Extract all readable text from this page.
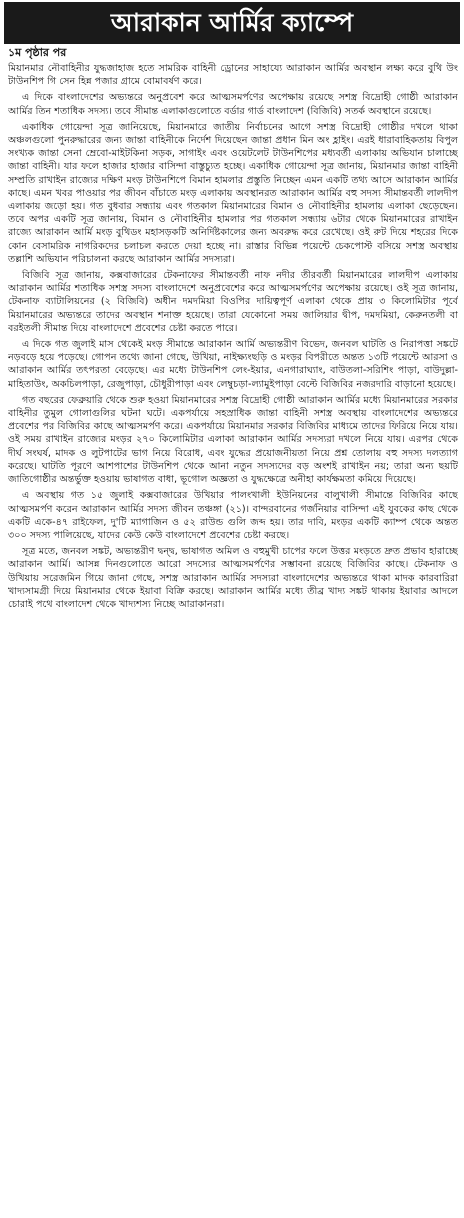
আরাকান আর্মির ক্যাম্পে
১ম পৃষ্ঠার পর

মিয়ানমার নৌবাহিনীর যুদ্ধজাহাজ হতে সামরিক বাহিনী ড্রোনের সাহায্যে আরাকান আর্মির অবস্থান লক্ষ্য করে বুথি উং টাউনশিপ গি সেন হিন্ন পজার গ্রামে বোমাবর্ষণ করে।

এ দিকে বাংলাদেশের অভ্যন্তরে অনুপ্রবেশ করে আত্মসমর্পণের অপেক্ষায় রয়েছে সশস্ত্র বিদ্রোহী গোষ্ঠী আরাকান আর্মির তিন শতাধিক সদস্য। তবে সীমান্ত এলাকাগুলোতে বর্ডার গার্ড বাংলাদেশ (বিজিবি) সতর্ক অবস্থানে রয়েছে।

একাধিক গোয়েন্দা সূত্র জানিয়েছে, মিয়ানমারে জাতীয় নির্বাচনের আগে সশস্ত্র বিদ্রোহী গোষ্ঠীর দখলে থাকা অঞ্চলগুলো পুনরুদ্ধারের জন্য জান্তা বাহিনীকে নির্দেশ দিয়েছেন জান্তা প্রধান মিন অং হ্লাইং। এরই ধারাবাহিকতায় বিপুল সংখ্যক জান্তা সেনা ম্রেবো-মাইটকিনা সড়ক, সাগাইং এবং ওয়েটলেট টাউনশিপের মধ্যবর্তী এলাকায় অভিযান চালাচ্ছে জান্তা বাহিনী। যার ফলে হাজার হাজার বাসিন্দা বাস্তুচ্যুত হচ্ছে। একাধিক গোয়েন্দা সূত্র জানায়, মিয়ানমার জান্তা বাহিনী সম্প্রতি রাখাইন রাজ্যের দক্ষিণ মংড় টাউনশিপে বিমান হামলার প্রস্তুতি নিচ্ছেন এমন একটি তথ্য আসে আরাকান আর্মির কাছে। এমন খবর পাওয়ার পর জীবন বাঁচাতে মংড় এলাকায় অবস্থানরত আরাকান আর্মির বহু সদস্য সীমান্তবর্তী লালদীপ এলাকায় জড়ো হয়। গত বুধবার সন্ধ্যায় এবং গতকাল মিয়ানমারের বিমান ও নৌবাহিনীর হামলায় এলাকা ছেড়েছেন। তবে অপর একটি সূত্র জানায়, বিমান ও নৌবাহিনীর হামলার পর গতকাল সন্ধ্যায় ৬টার থেকে মিয়ানমারের রাখাইন রাজ্যে আরাকান আর্মি মংড় বুথিডং মহাসড়কটি অনির্দিষ্টকালের জন্য অবরুদ্ধ করে রেখেছে। ওই রুট দিয়ে শহরের দিকে কোন বেসামরিক নাগরিকদের চলাচল করতে দেয়া হচ্ছে না। রাস্তার বিভিন্ন পয়েন্টে চেকপোস্ট বসিয়ে সশস্ত্র অবস্থায় তল্লাশি অভিযান পরিচালনা করছে আরাকান আর্মির সদস্যরা।

বিজিবি সূত্র জানায়, কক্সবাজারের টেকনাফের সীমান্তবর্তী নাফ নদীর তীরবর্তী মিয়ানমারের লালদীপ এলাকায় আরাকান আর্মির শতাধিক সশস্ত্র সদস্য বাংলাদেশে অনুপ্রবেশের করে আত্মসমর্পণের অপেক্ষায় রয়েছে। ওই সূত্র জানায়, টেকনাফ ব্যাটালিয়নের (২ বিজিবি) অধীন দমদমিয়া বিওপির দায়িত্বপূর্ণ এলাকা থেকে প্রায় ৩ কিলোমিটার পূর্বে মিয়ানমারের অভ্যন্তরে তাদের অবস্থান শনাক্ত হয়েছে। তারা যেকোনো সময় জালিয়ার দ্বীপ, দমদমিয়া, কেরুনতলী বা বরইতলী সীমান্ত দিয়ে বাংলাদেশে প্রবেশের চেষ্টা করতে পারে।

এ দিকে গত জুলাই মাস থেকেই মংড় সীমান্তে আরাকান আর্মি অভ্যন্তরীণ বিভেদ, জনবল ঘাটতি ও নিরাপত্তা সঙ্কটে নড়বড়ে হয়ে পড়েছে। গোপন তথ্যে জানা গেছে, উখিয়া, নাইক্ষ্যংছড়ি ও মংড়র বিপরীতে অন্তত ১৩টি পয়েন্টে আরসা ও আরাকান আর্মির তৎপরতা বেড়েছে। এর মধ্যে টাউনশিপ লেং-ইয়ার, এনগারাঘ্যাং, বাউতলা-সরিশিং পাড়া, বাউদুল্লা-মাহিতাউং, অকচিলপাড়া, রেজুপাড়া, চৌধুরীপাড়া এবং লেম্বুচড়া-ল্যামুইপাড়া বেল্টে বিজিবির নজরদারি বাড়ানো হয়েছে।

গত বছরের ফেব্রুয়ারি থেকে শুরু হওয়া মিয়ানমারের সশস্ত্র বিদ্রোহী গোষ্ঠী আরাকান আর্মির মধ্যে মিয়ানমারের সরকার বাহিনীর তুমুল গোলাগুলির ঘটনা ঘটে। একপর্যায়ে সহস্রাধিক জান্তা বাহিনী সশস্ত্র অবস্থায় বাংলাদেশের অভ্যন্তরে প্রবেশের পর বিজিবির কাছে আত্মসমর্পণ করে। একপর্যায়ে মিয়ানমার সরকার বিজিবির মাধ্যমে তাদের ফিরিয়ে নিয়ে যায়। ওই সময় রাখাইন রাজ্যের মংড়র ২৭০ কিলোমিটার এলাকা আরাকান আর্মির সদস্যরা দখলে নিয়ে যায়। এরপর থেকে দীর্ঘ সংঘর্ষ, মাদক ও লুটপাটের ভাগ নিয়ে বিরোধ, এবং যুদ্ধের প্রয়োজনীয়তা নিয়ে প্রশ্ন তোলায় বহু সদস্য দলত্যাগ করেছে। ঘাটতি পূরণে আশপাশের টাউনশিপ থেকে আনা নতুন সদস্যদের বড় অংশই রাখাইন নয়; তারা অন্য ছয়টি জাতিগোষ্ঠীর অন্তর্ভুক্ত হওয়ায় ভাষাগত বাধা, ভূগোল অজ্ঞতা ও যুদ্ধক্ষেত্রে অনীহা কার্যক্ষমতা কমিয়ে দিয়েছে।

এ অবস্থায় গত ১৫ জুলাই কক্সবাজারের উখিয়ার পালংখালী ইউনিয়নের বালুখালী সীমান্তে বিজিবির কাছে আত্মসমর্পণ করেন আরাকান আর্মির সদস্য জীবন তঞ্চঙ্গা (২১)। বান্দরবানের গর্জনিয়ার বাসিন্দা এই যুবকের কাছ থেকে একটি একে-৪৭ রাইফেল, দু'টি ম্যাগাজিন ও ৫২ রাউন্ড গুলি জব্দ হয়। তার দাবি, মংড়র একটি ক্যাম্প থেকে অন্তত ৩০০ সদস্য পালিয়েছে, যাদের কেউ কেউ বাংলাদেশে প্রবেশের চেষ্টা করছে।

সূত্র মতে, জনবল সঙ্কট, অভ্যন্তরীণ দ্বন্দ্ব, ভাষাগত অমিল ও বহুমুখী চাপের ফলে উত্তর মংড়তে দ্রুত প্রভাব হারাচ্ছে আরাকান আর্মি। আসন্ন দিনগুলোতে আরো সদস্যের আত্মসমর্পণের সম্ভাবনা রয়েছে বিজিবির কাছে। টেকনাফ ও উখিয়ায় সরেজমিন গিয়ে জানা গেছে, সশস্ত্র আরাকান আর্মির সদস্যরা বাংলাদেশের অভ্যন্তরে থাকা মাদক কারবারিরা খাদ্যসামগ্রী দিয়ে মিয়ানমার থেকে ইয়াবা বিক্রি করছে। আরাকান আর্মির মধ্যে তীব্র খাদ্য সঙ্কট থাকায় ইয়াবার আদলে চোরাই পথে বাংলাদেশ থেকে খাদ্যশস্য নিচ্ছে আরাকানরা।
